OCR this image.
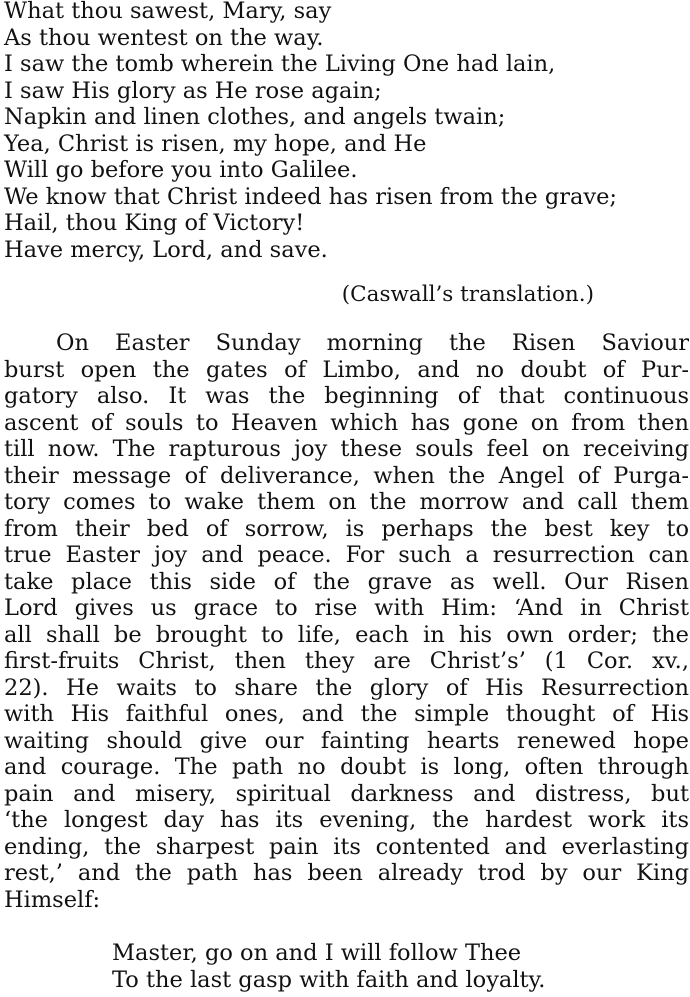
What thou sawest, Mary, say
As thou wentest on the way.
I saw the tomb wherein the Living One had lain,
I saw His glory as He rose again;
Napkin and linen clothes, and angels twain;
Yea, Christ is risen, my hope, and He
Will go before you into Galilee.
We know that Christ indeed has risen from the grave;
Hail, thou King of Victory!
Have mercy, Lord, and save.
(Caswall’s translation.)
On Easter Sunday morning the Risen Saviour
burst open the gates of Limbo, and no doubt of Pur-
gatory also. It was the beginning of that continuous
ascent of souls to Heaven which has gone on from then
till now. The rapturous joy these souls feel on receiving
their message of deliverance, when the Angel of Purga-
tory comes to wake them on the morrow and call them
from their bed of sorrow, is perhaps the best key to
true Easter joy and peace. For such a resurrection can
take place this side of the grave as well. Our Risen
Lord gives us grace to rise with Him: ‘And in Christ
all shall be brought to life, each in his own order; the
first-fruits Christ, then they are Christ’s’ (1 Cor. xv.,
22). He waits to share the glory of His Resurrection
with His faithful ones, and the simple thought of His
waiting should give our fainting hearts renewed hope
and courage. The path no doubt is long, often through
pain and misery, spiritual darkness and distress, but
‘the longest day has its evening, the hardest work its
ending, the sharpest pain its contented and everlasting
rest,’ and the path has been already trod by our King
Himself:
Master, go on and I will follow Thee
To the last gasp with faith and loyalty.
